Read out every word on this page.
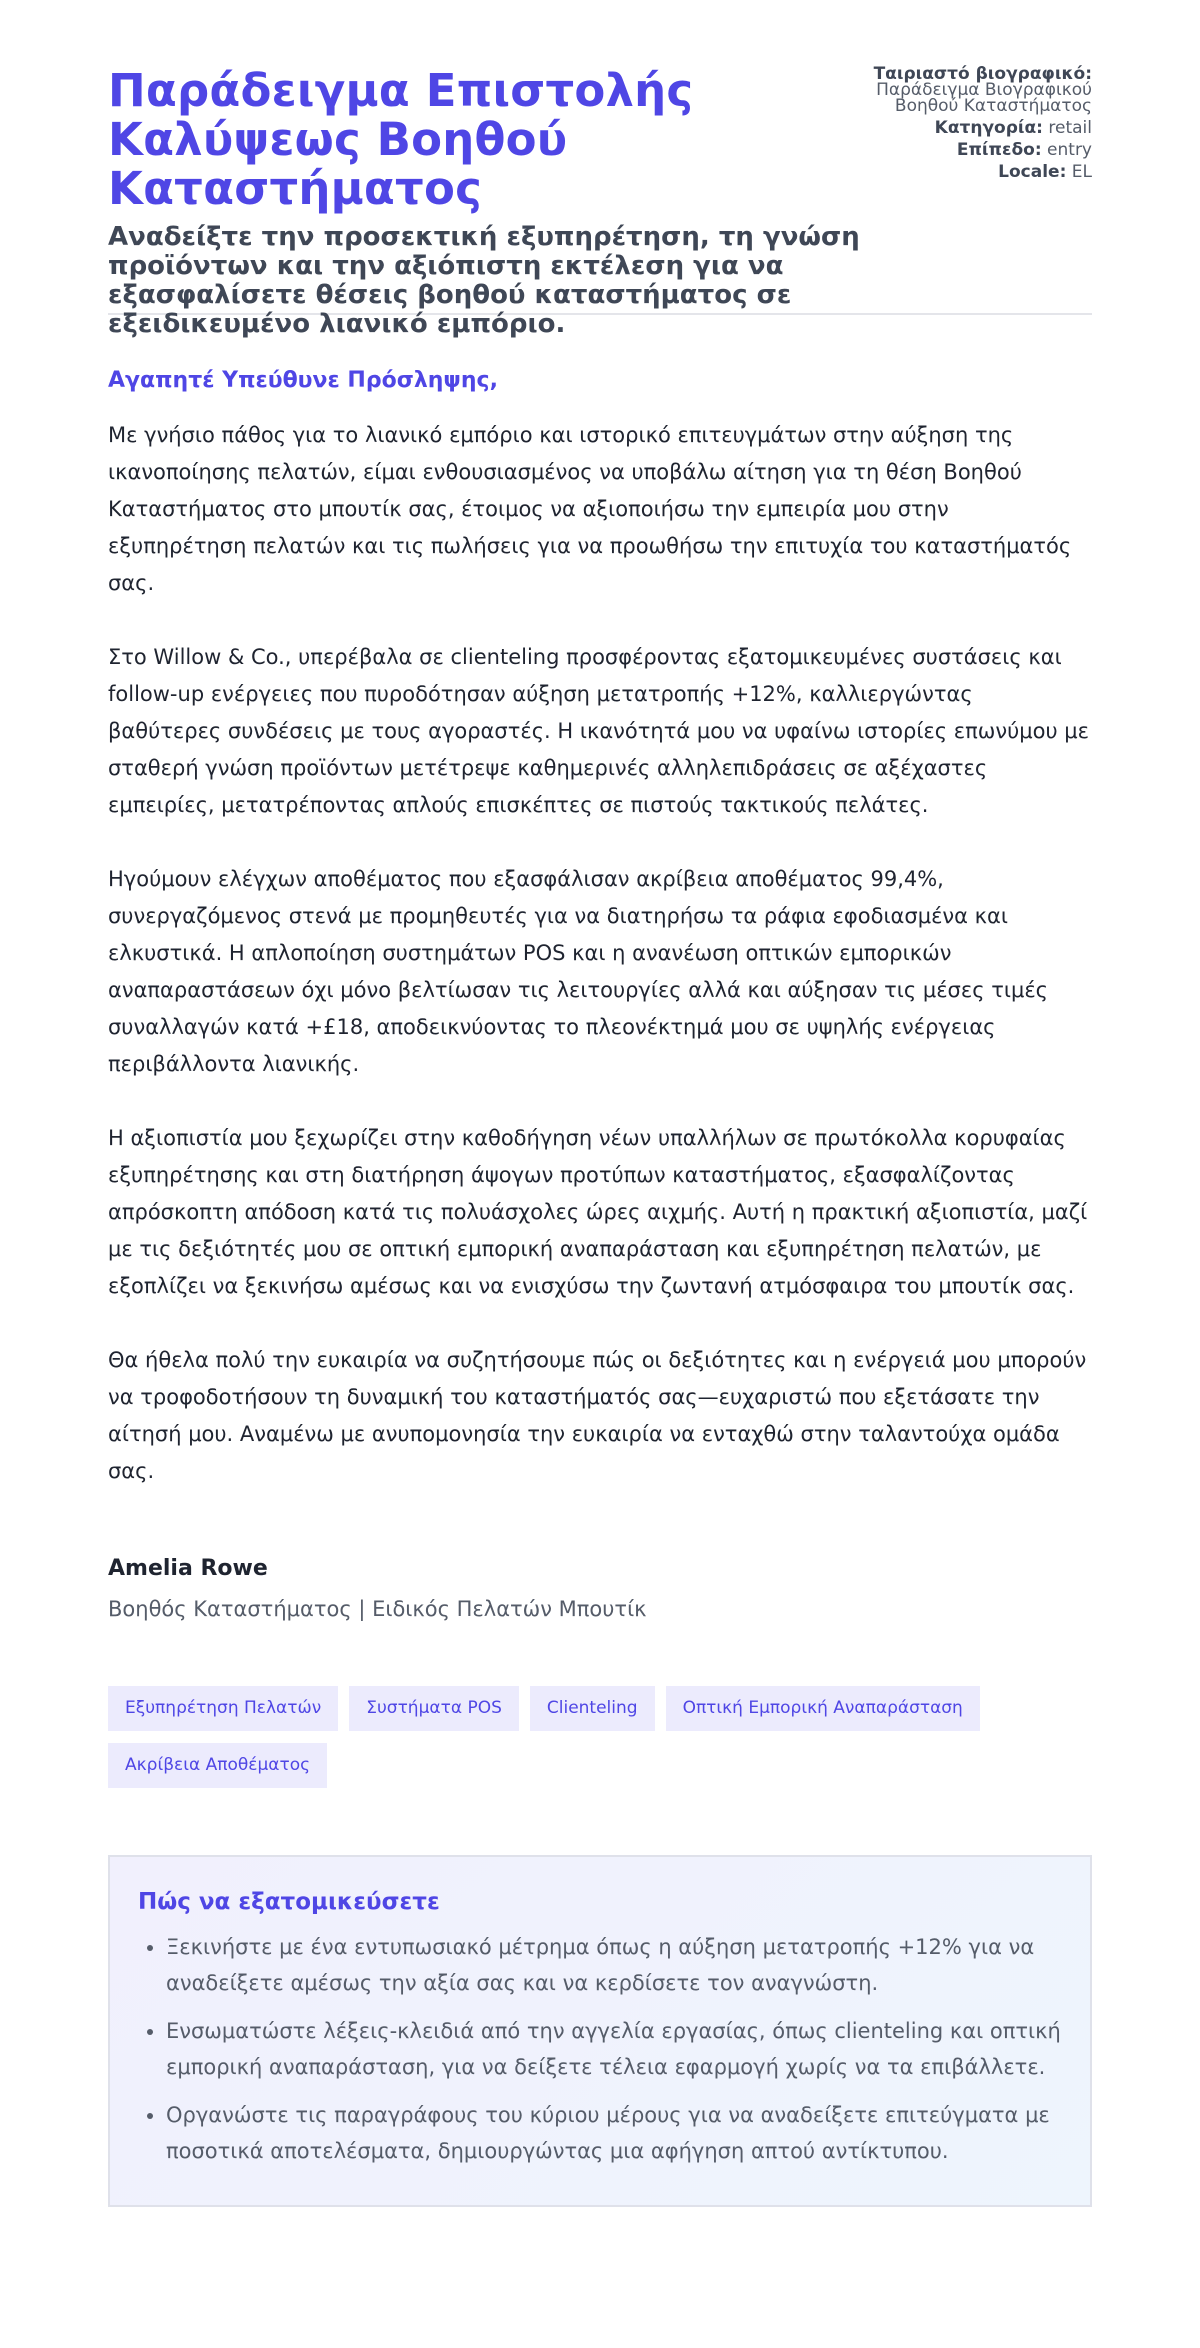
Παράδειγμα Επιστολής Καλύψεως Βοηθού Καταστήματος

Αναδείξτε την προσεκτική εξυπηρέτηση, τη γνώση προϊόντων και την αξιόπιστη εκτέλεση για να εξασφαλίσετε θέσεις βοηθού καταστήματος σε εξειδικευμένο λιανικό εμπόριο.

Ταιριαστό βιογραφικό:
Παράδειγμα Βιογραφικού Βοηθού Καταστήματος
Κατηγορία: retail
Επίπεδο: entry
Locale: EL
Αγαπητέ Υπεύθυνε Πρόσληψης,

Με γνήσιο πάθος για το λιανικό εμπόριο και ιστορικό επιτευγμάτων στην αύξηση της ικανοποίησης πελατών, είμαι ενθουσιασμένος να υποβάλω αίτηση για τη θέση Βοηθού Καταστήματος στο μπουτίκ σας, έτοιμος να αξιοποιήσω την εμπειρία μου στην εξυπηρέτηση πελατών και τις πωλήσεις για να προωθήσω την επιτυχία του καταστήματός σας.

Στο Willow & Co., υπερέβαλα σε clienteling προσφέροντας εξατομικευμένες συστάσεις και follow-up ενέργειες που πυροδότησαν αύξηση μετατροπής +12%, καλλιεργώντας βαθύτερες συνδέσεις με τους αγοραστές. Η ικανότητά μου να υφαίνω ιστορίες επωνύμου με σταθερή γνώση προϊόντων μετέτρεψε καθημερινές αλληλεπιδράσεις σε αξέχαστες εμπειρίες, μετατρέποντας απλούς επισκέπτες σε πιστούς τακτικούς πελάτες.

Ηγούμουν ελέγχων αποθέματος που εξασφάλισαν ακρίβεια αποθέματος 99,4%, συνεργαζόμενος στενά με προμηθευτές για να διατηρήσω τα ράφια εφοδιασμένα και ελκυστικά. Η απλοποίηση συστημάτων POS και η ανανέωση οπτικών εμπορικών αναπαραστάσεων όχι μόνο βελτίωσαν τις λειτουργίες αλλά και αύξησαν τις μέσες τιμές συναλλαγών κατά +£18, αποδεικνύοντας το πλεονέκτημά μου σε υψηλής ενέργειας περιβάλλοντα λιανικής.

Η αξιοπιστία μου ξεχωρίζει στην καθοδήγηση νέων υπαλλήλων σε πρωτόκολλα κορυφαίας εξυπηρέτησης και στη διατήρηση άψογων προτύπων καταστήματος, εξασφαλίζοντας απρόσκοπτη απόδοση κατά τις πολυάσχολες ώρες αιχμής. Αυτή η πρακτική αξιοπιστία, μαζί με τις δεξιότητές μου σε οπτική εμπορική αναπαράσταση και εξυπηρέτηση πελατών, με εξοπλίζει να ξεκινήσω αμέσως και να ενισχύσω την ζωντανή ατμόσφαιρα του μπουτίκ σας.

Θα ήθελα πολύ την ευκαιρία να συζητήσουμε πώς οι δεξιότητες και η ενέργειά μου μπορούν να τροφοδοτήσουν τη δυναμική του καταστήματός σας—ευχαριστώ που εξετάσατε την αίτησή μου. Αναμένω με ανυπομονησία την ευκαιρία να ενταχθώ στην ταλαντούχα ομάδα σας.

Amelia Rowe
Βοηθός Καταστήματος | Ειδικός Πελατών Μπουτίκ
Εξυπηρέτηση Πελατών	Συστήματα POS	Clienteling	Οπτική Εμπορική Αναπαράσταση
Ακρίβεια Αποθέματος
Πώς να εξατομικεύσετε
• Ξεκινήστε με ένα εντυπωσιακό μέτρημα όπως η αύξηση μετατροπής +12% για να αναδείξετε αμέσως την αξία σας και να κερδίσετε τον αναγνώστη.
• Ενσωματώστε λέξεις-κλειδιά από την αγγελία εργασίας, όπως clienteling και οπτική εμπορική αναπαράσταση, για να δείξετε τέλεια εφαρμογή χωρίς να τα επιβάλλετε.
• Οργανώστε τις παραγράφους του κύριου μέρους για να αναδείξετε επιτεύγματα με ποσοτικά αποτελέσματα, δημιουργώντας μια αφήγηση απτού αντίκτυπου.
